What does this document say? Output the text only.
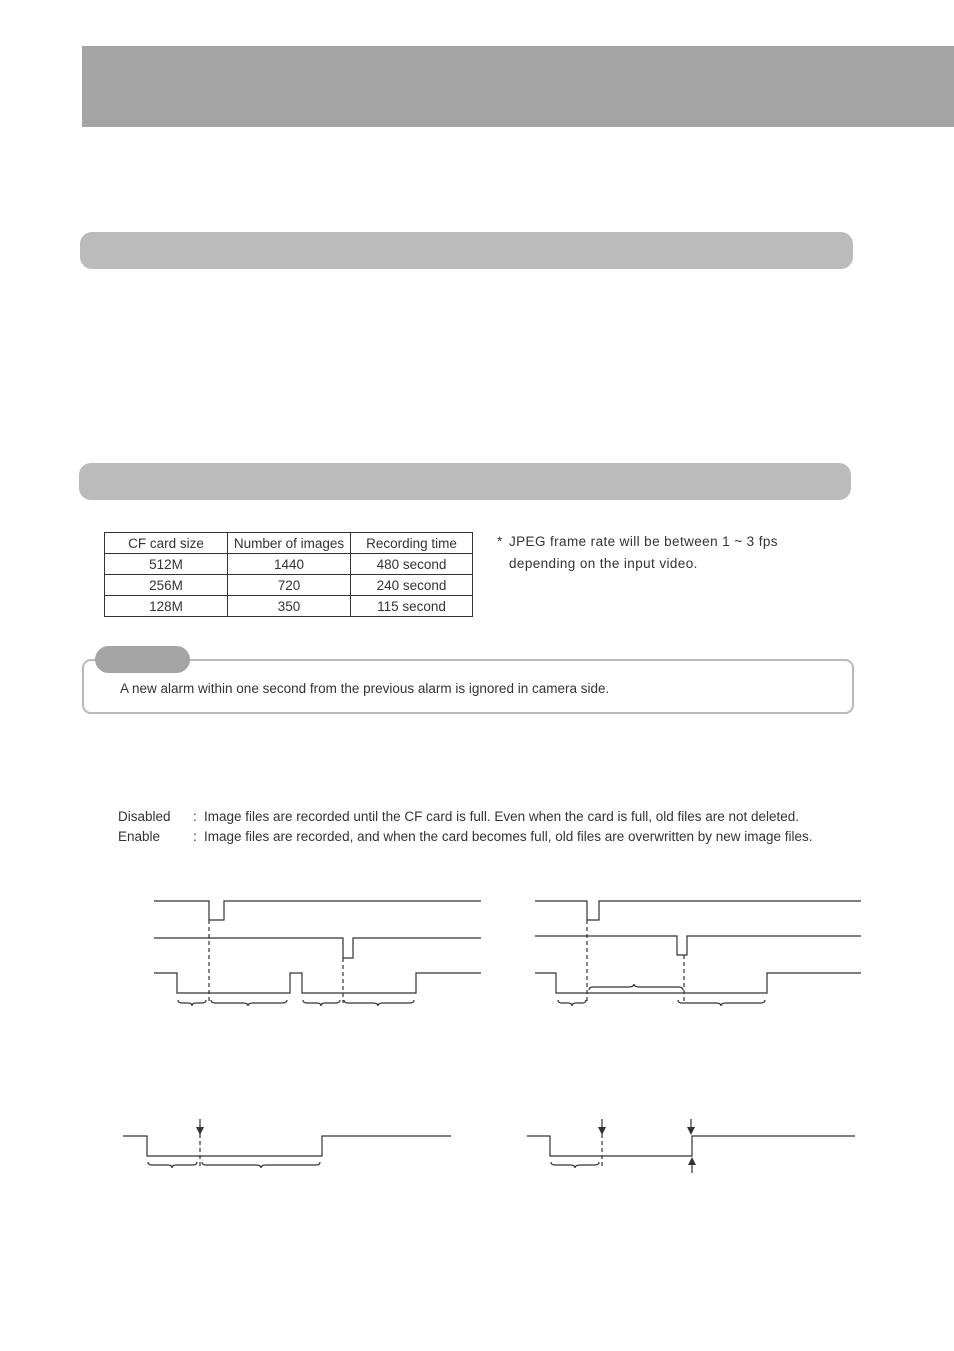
CF card size	Number of images	Recording time
512M	1440	480 second
256M	720	240 second
128M	350	115 second
* JPEG frame rate will be between 1 ~ 3 fps depending on the input video.
A new alarm within one second from the previous alarm is ignored in camera side.
Disabled : Image files are recorded until the CF card is full. Even when the card is full, old files are not deleted.
Enable : Image files are recorded, and when the card becomes full, old files are overwritten by new image files.
